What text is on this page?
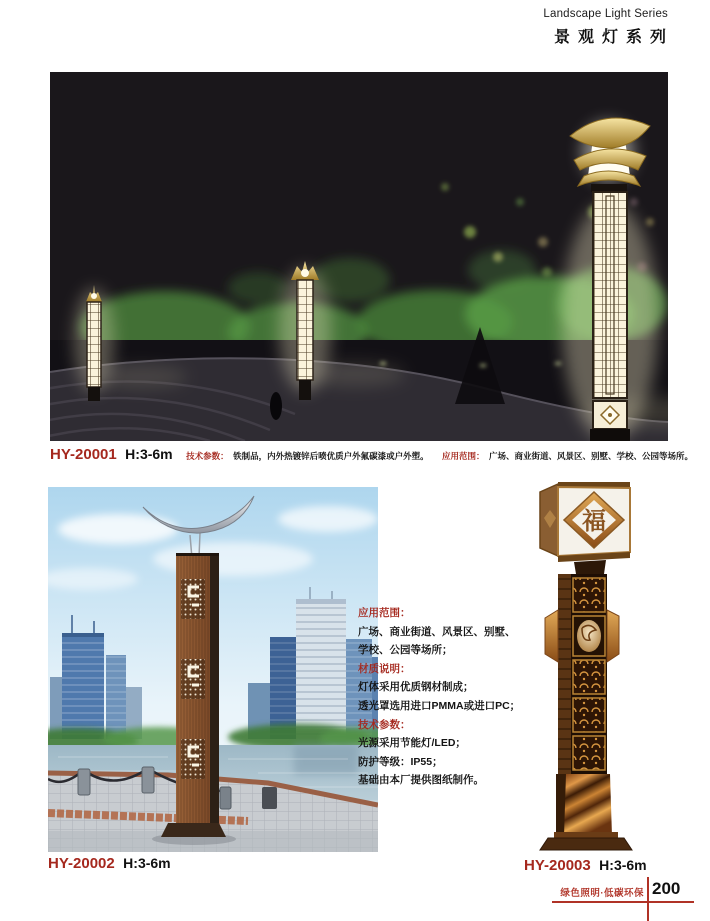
Landscape Light Series
景观灯系列
HY-20001 H:3-6m 技术参数： 铁制品，内外热镀锌后喷优质户外氟碳漆或户外塑。 应用范围： 广场、商业街道、风景区、别墅、学校、公园等场所。
HY-20002 H:3-6m
应用范围：
广场、商业街道、风景区、别墅、
学校、公园等场所；
材质说明：
灯体采用优质钢材制成；
透光罩选用进口PMMA或进口PC；
技术参数：
光源采用节能灯/LED；
防护等级：IP55；
基础由本厂提供图纸制作。
福
HY-20003 H:3-6m
绿色照明·低碳环保 200
